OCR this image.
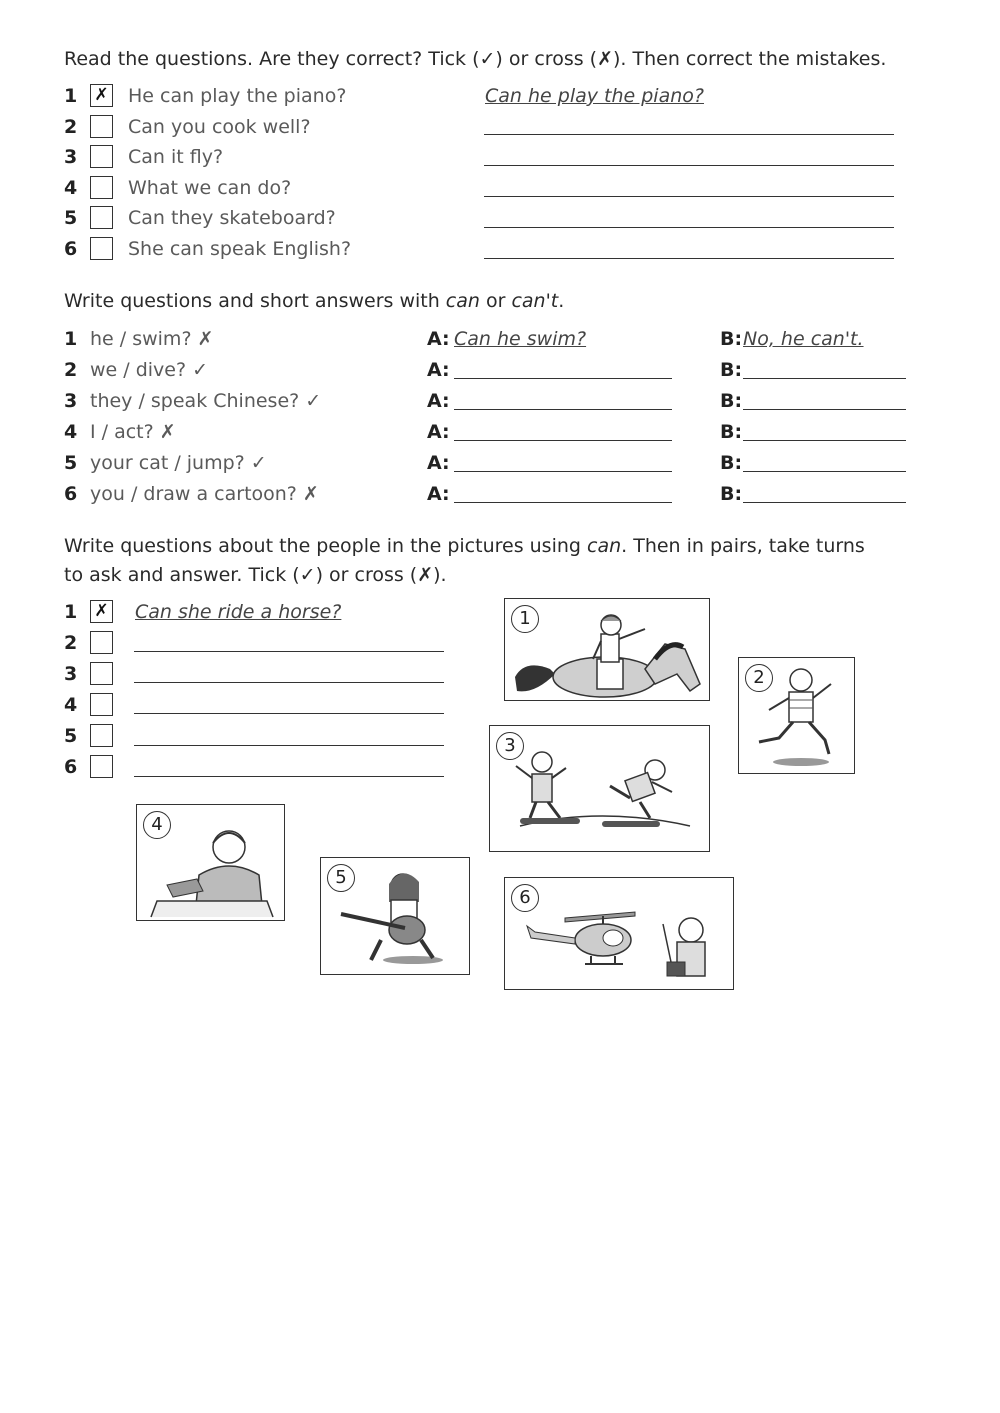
Read the questions. Are they correct? Tick (✓) or cross (✗). Then correct the mistakes.
1 ✗ He can play the piano?	Can he play the piano?
2	Can you cook well?
3	Can it fly?
4	What we can do?
5	Can they skateboard?
6	She can speak English?
Write questions and short answers with can or can't.
1 he / swim? ✗	A: Can he swim?	B: No, he can't.
2 we / dive? ✓	A:	B:
3 they / speak Chinese? ✓	A:	B:
4 I / act? ✗	A:	B:
5 your cat / jump? ✓	A:	B:
6 you / draw a cartoon? ✗	A:	B:
Write questions about the people in the pictures using can. Then in pairs, take turns
to ask and answer. Tick (✓) or cross (✗).
1 ✗ Can she ride a horse?
2
3
4
5
6
1
2
3
4
5
6
